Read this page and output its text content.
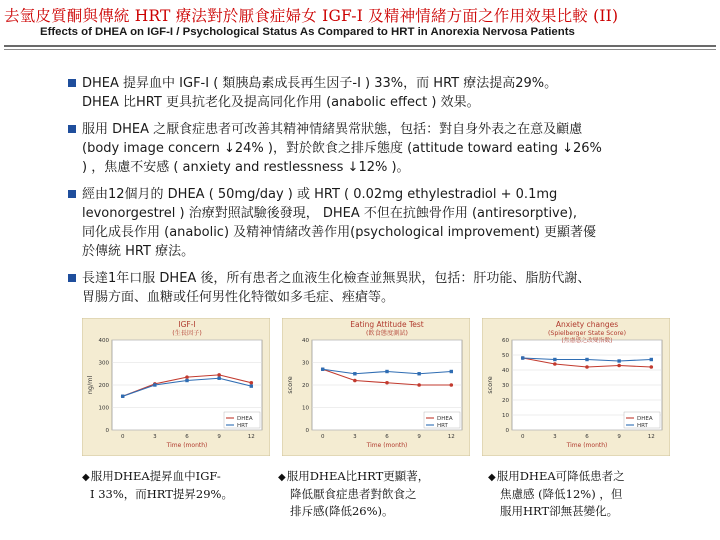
去氫皮質酮與傳統 HRT 療法對於厭食症婦女 IGF-I 及精神情緒方面之作用效果比較 (II)
Effects of DHEA on IGF-I / Psychological Status As Compared to HRT in Anorexia Nervosa Patients
DHEA 提昇血中 IGF-I ( 類胰島素成長再生因子-I ) 33%，而 HRT 療法提高29%。
DHEA 比HRT 更具抗老化及提高同化作用 (anabolic effect ) 效果。
服用 DHEA 之厭食症患者可改善其精神情緒異常狀態，包括：對自身外表之在意及顧慮
(body image concern ↓24% )，對於飲食之排斥態度 (attitude toward eating ↓26%
) ，焦慮不安感 ( anxiety and restlessness ↓12% )。
經由12個月的 DHEA ( 50mg/day ) 或 HRT ( 0.02mg ethylestradiol + 0.1mg
levonorgestrel ) 治療對照試驗後發現， DHEA 不但在抗蝕骨作用 (antiresorptive),
同化成長作用 (anabolic) 及精神情緒改善作用(psychological improvement) 更顯著優
於傳統 HRT 療法。
長達1年口服 DHEA 後，所有患者之血液生化檢查並無異狀，包括：肝功能、脂肪代謝、
胃腸方面、血糖或任何男性化特徵如多毛症、痤瘡等。
IGF-I
(生長因子)
0
100
200
300
400
0	3	6	9	12
Time (month)
ng/ml
DHEA
HRT
Eating Attitude Test
(飲食態度測試)
0
10
20
30
40
0	3	6	9	12
Time (month)
score
DHEA
HRT
Anxiety changes
(Spielberger State Score)
(焦慮感之改變指數)
0
10
20
30
40
50
60
0	3	6	9	12
Time (month)
score
DHEA
HRT
◆服用DHEA提昇血中IGF-
I 33%，而HRT提昇29%。
◆服用DHEA比HRT更顯著，
降低厭食症患者對飲食之
排斥感(降低26%)。
◆服用DHEA可降低患者之
焦慮感 (降低12%) ，但
服用HRT卻無甚變化。
